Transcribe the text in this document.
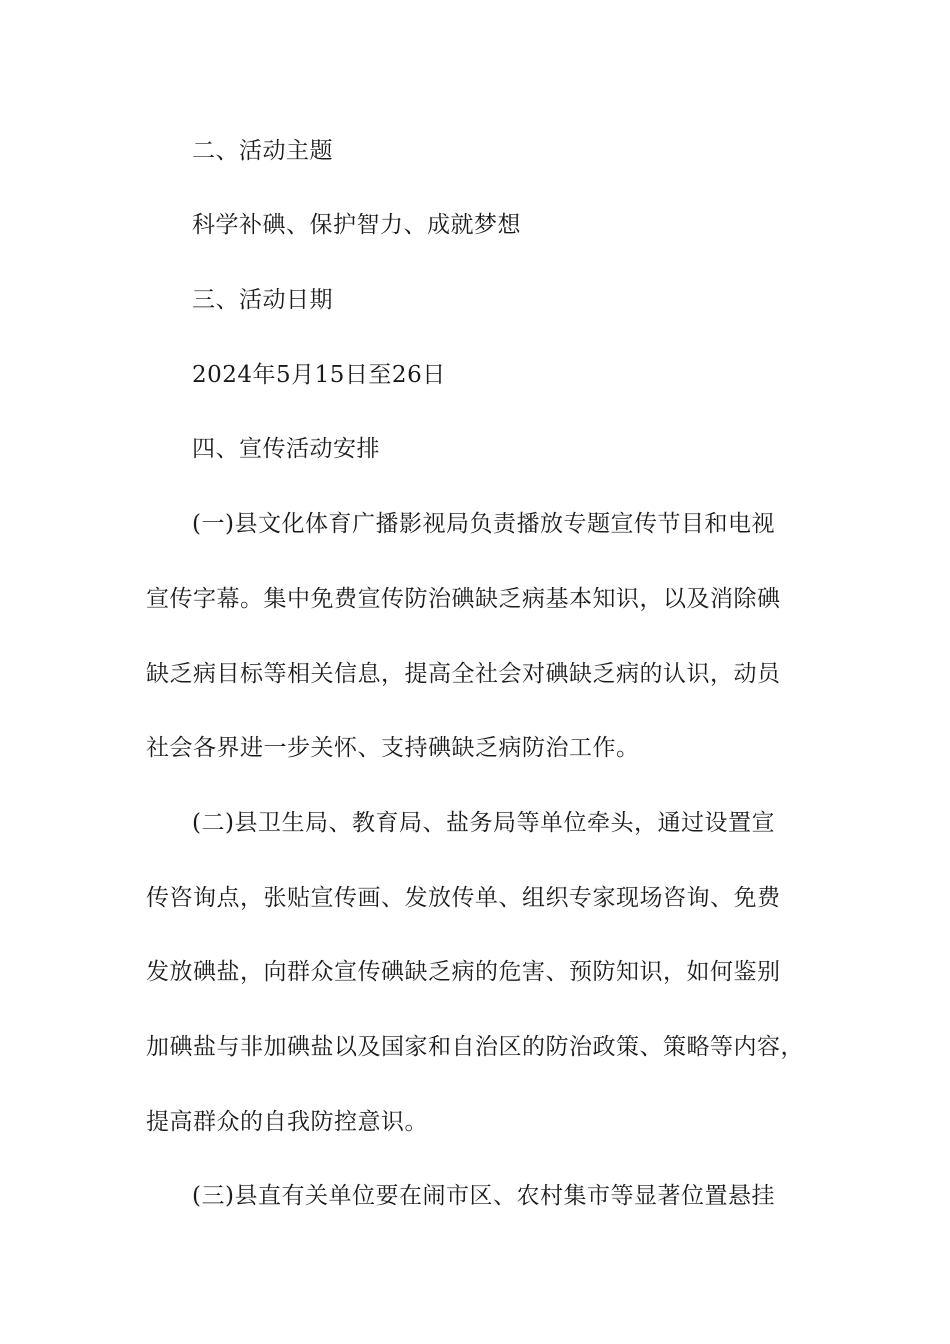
二、活动主题
科学补碘、保护智力、成就梦想
三、活动日期
2024年5月15日至26日
四、宣传活动安排
(一)县文化体育广播影视局负责播放专题宣传节目和电视
宣传字幕。集中免费宣传防治碘缺乏病基本知识，以及消除碘
缺乏病目标等相关信息，提高全社会对碘缺乏病的认识，动员
社会各界进一步关怀、支持碘缺乏病防治工作。
(二)县卫生局、教育局、盐务局等单位牵头，通过设置宣
传咨询点，张贴宣传画、发放传单、组织专家现场咨询、免费
发放碘盐，向群众宣传碘缺乏病的危害、预防知识，如何鉴别
加碘盐与非加碘盐以及国家和自治区的防治政策、策略等内容，
提高群众的自我防控意识。
(三)县直有关单位要在闹市区、农村集市等显著位置悬挂
